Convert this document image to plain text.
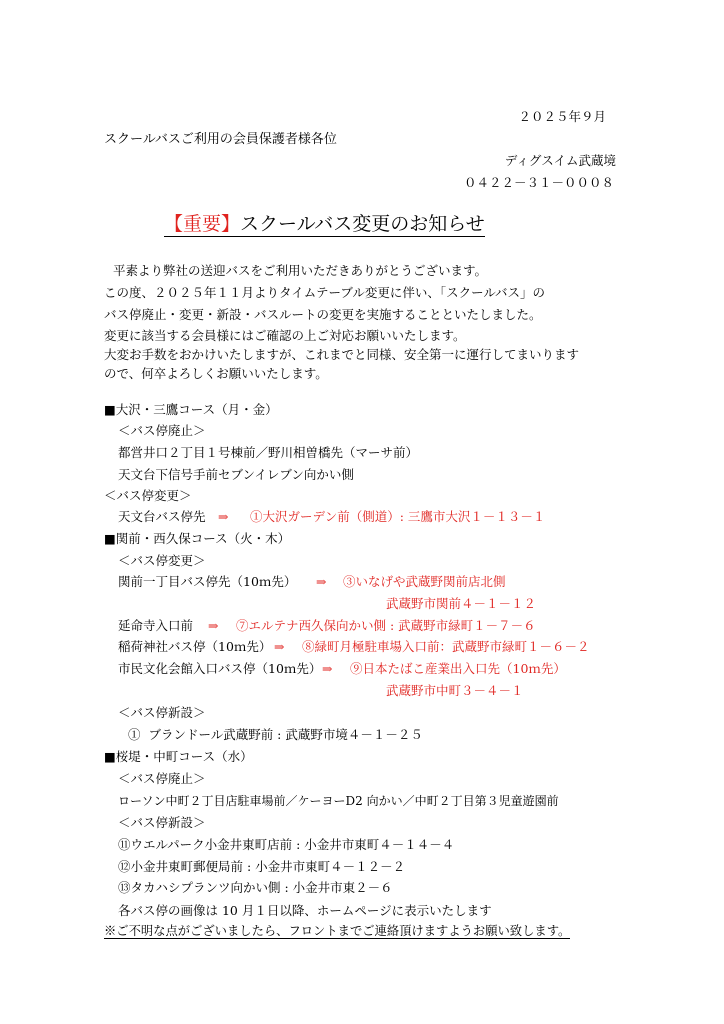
２０２５年９月
スクールバスご利用の会員保護者様各位
ディグスイム武蔵境
０４２２－３１－０００８
【重要】スクールバス変更のお知らせ
平素より弊社の送迎バスをご利用いただきありがとうございます。
この度、２０２５年１１月よりタイムテーブル変更に伴い、「スクールバス」の
バス停廃止・変更・新設・バスルートの変更を実施することといたしました。
変更に該当する会員様にはご確認の上ご対応お願いいたします。
大変お手数をおかけいたしますが、これまでと同様、安全第一に運行してまいります
ので、何卒よろしくお願いいたします。
■大沢・三鷹コース（月・金）
＜バス停廃止＞
都営井口２丁目１号棟前／野川相曽橋先（マーサ前）
天文台下信号手前セブンイレブン向かい側
＜バス停変更＞
天文台バス停先 ⇒ ①大沢ガーデン前（側道）: 三鷹市大沢１－１３－１
■関前・西久保コース（火・木）
＜バス停変更＞
関前一丁目バス停先（10ｍ先） ⇒ ③いなげや武蔵野関前店北側
武蔵野市関前４－１－１２
延命寺入口前 ⇒ ⑦エルテナ西久保向かい側 : 武蔵野市緑町１－７－６
稲荷神社バス停（10ｍ先） ⇒ ⑧緑町月極駐車場入口前：武蔵野市緑町１－６－２
市民文化会館入口バス停（10ｍ先） ⇒ ⑨日本たばこ産業出入口先（10ｍ先）
武蔵野市中町３－４－１
＜バス停新設＞
①  ブランドール武蔵野前 : 武蔵野市境４－１－２５
■桜堤・中町コース（水）
＜バス停廃止＞
ローソン中町２丁目店駐車場前／ケーヨーD2 向かい／中町２丁目第３児童遊園前
＜バス停新設＞
⑪ウエルパーク小金井東町店前 : 小金井市東町４－１４－４
⑫小金井東町郵便局前 : 小金井市東町４－１２－２
⑬タカハシプランツ向かい側 : 小金井市東２－６
各バス停の画像は 10 月１日以降、ホームページに表示いたします
※ご不明な点がございましたら、フロントまでご連絡頂けますようお願い致します。
